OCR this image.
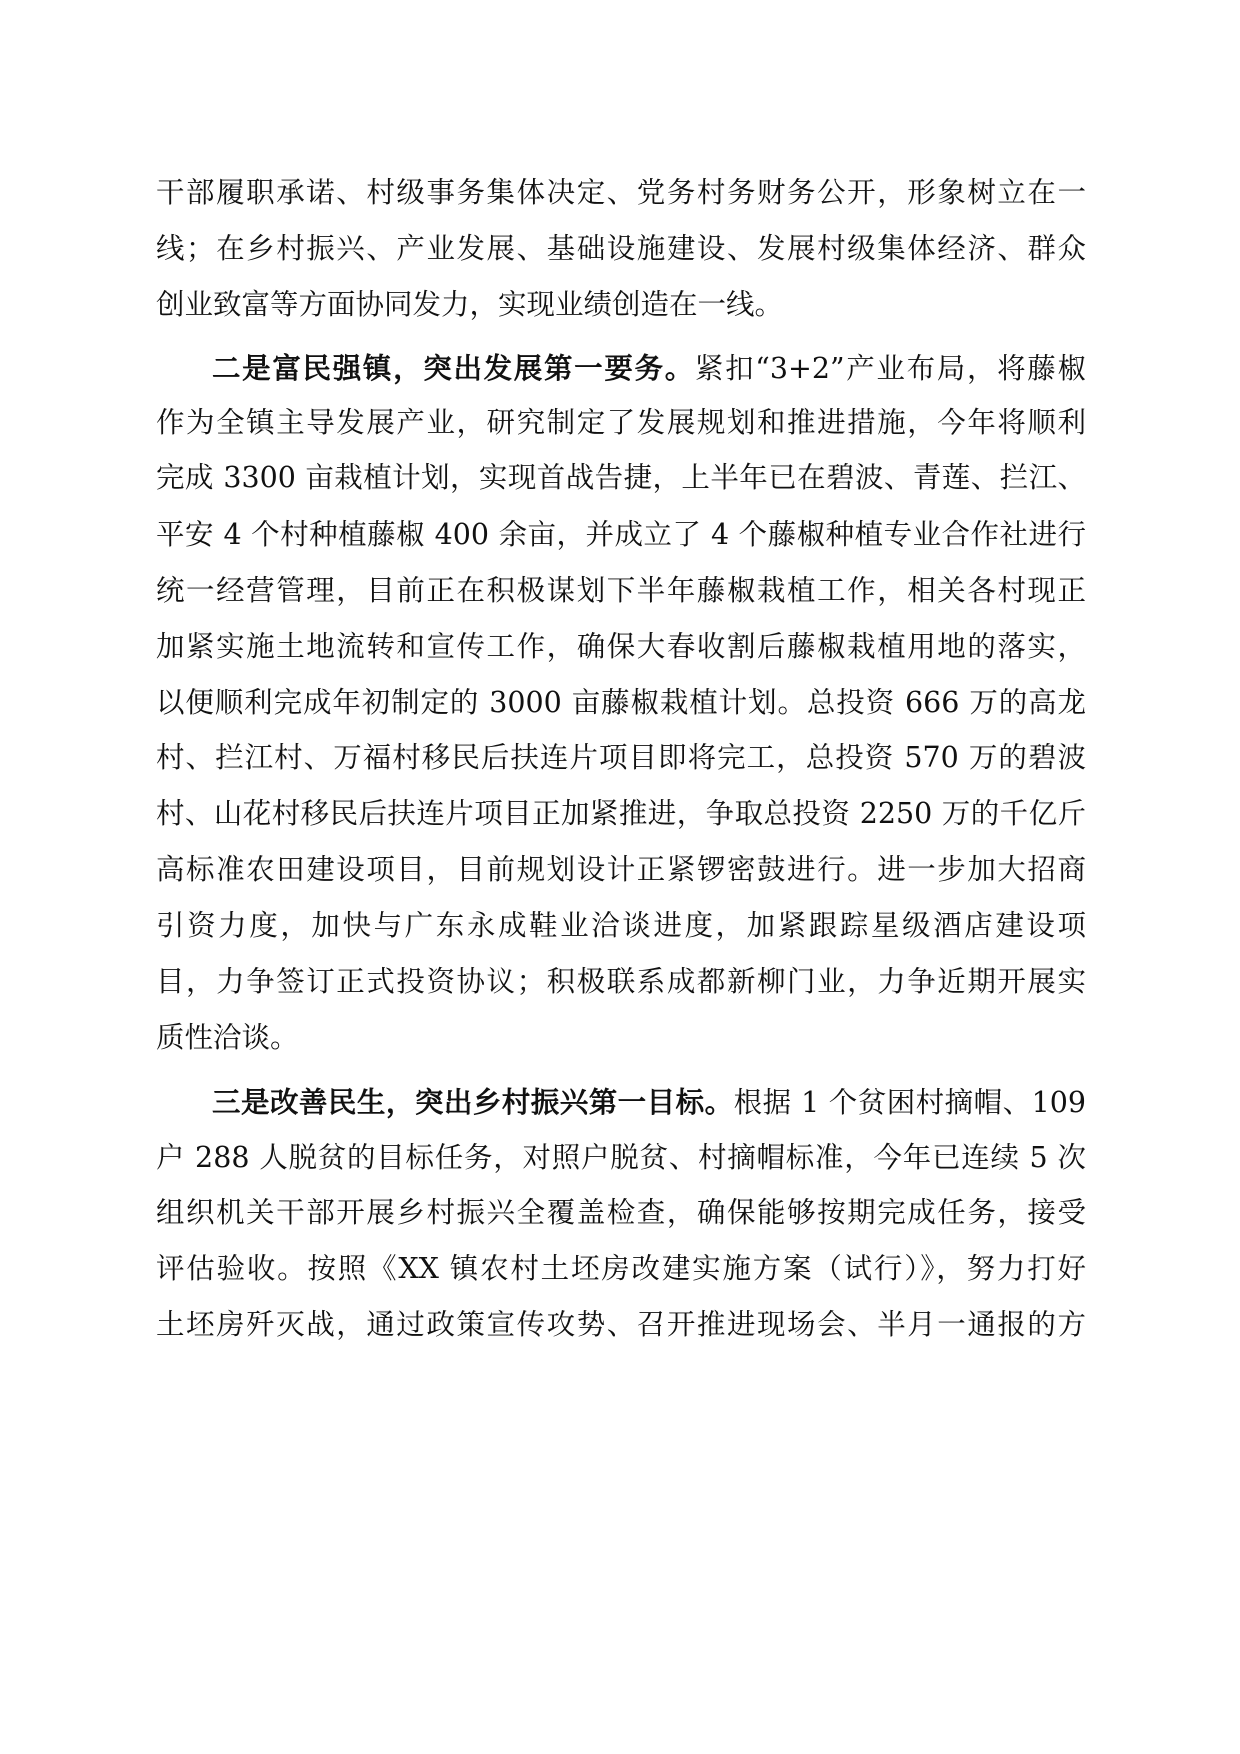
干部履职承诺、村级事务集体决定、党务村务财务公开，形象树立在一
线；在乡村振兴、产业发展、基础设施建设、发展村级集体经济、群众
创业致富等方面协同发力，实现业绩创造在一线。
二是富民强镇，突出发展第一要务。紧扣“3+2”产业布局，将藤椒
作为全镇主导发展产业，研究制定了发展规划和推进措施，今年将顺利
完成 3300 亩栽植计划，实现首战告捷，上半年已在碧波、青莲、拦江、
平安 4 个村种植藤椒 400 余亩，并成立了 4 个藤椒种植专业合作社进行
统一经营管理，目前正在积极谋划下半年藤椒栽植工作，相关各村现正
加紧实施土地流转和宣传工作，确保大春收割后藤椒栽植用地的落实，
以便顺利完成年初制定的 3000 亩藤椒栽植计划。总投资 666 万的高龙
村、拦江村、万福村移民后扶连片项目即将完工，总投资 570 万的碧波
村、山花村移民后扶连片项目正加紧推进，争取总投资 2250 万的千亿斤
高标准农田建设项目，目前规划设计正紧锣密鼓进行。进一步加大招商
引资力度，加快与广东永成鞋业洽谈进度，加紧跟踪星级酒店建设项
目，力争签订正式投资协议；积极联系成都新柳门业，力争近期开展实
质性洽谈。
三是改善民生，突出乡村振兴第一目标。根据 1 个贫困村摘帽、109
户 288 人脱贫的目标任务，对照户脱贫、村摘帽标准，今年已连续 5 次
组织机关干部开展乡村振兴全覆盖检查，确保能够按期完成任务，接受
评估验收。按照《XX 镇农村土坯房改建实施方案（试行）》，努力打好
土坯房歼灭战，通过政策宣传攻势、召开推进现场会、半月一通报的方
